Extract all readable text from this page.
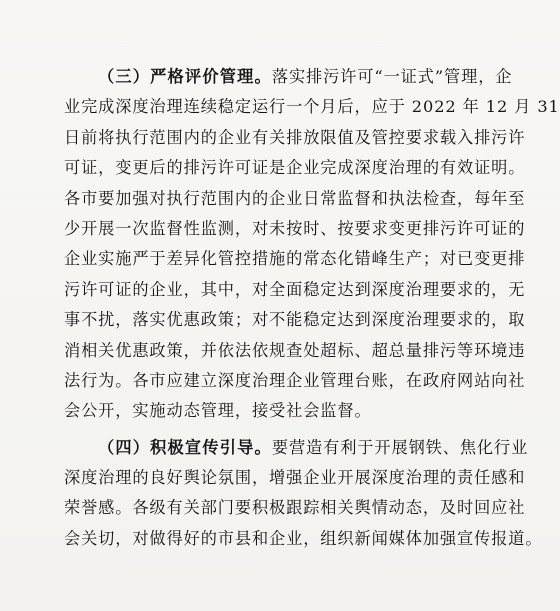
（三）严格评价管理。落实排污许可“一证式”管理，企
业完成深度治理连续稳定运行一个月后，应于 2022 年 12 月 31
日前将执行范围内的企业有关排放限值及管控要求载入排污许
可证，变更后的排污许可证是企业完成深度治理的有效证明。
各市要加强对执行范围内的企业日常监督和执法检查，每年至
少开展一次监督性监测，对未按时、按要求变更排污许可证的
企业实施严于差异化管控措施的常态化错峰生产；对已变更排
污许可证的企业，其中，对全面稳定达到深度治理要求的，无
事不扰，落实优惠政策；对不能稳定达到深度治理要求的，取
消相关优惠政策，并依法依规查处超标、超总量排污等环境违
法行为。各市应建立深度治理企业管理台账，在政府网站向社
会公开，实施动态管理，接受社会监督。
（四）积极宣传引导。要营造有利于开展钢铁、焦化行业
深度治理的良好舆论氛围，增强企业开展深度治理的责任感和
荣誉感。各级有关部门要积极跟踪相关舆情动态，及时回应社
会关切，对做得好的市县和企业，组织新闻媒体加强宣传报道。
